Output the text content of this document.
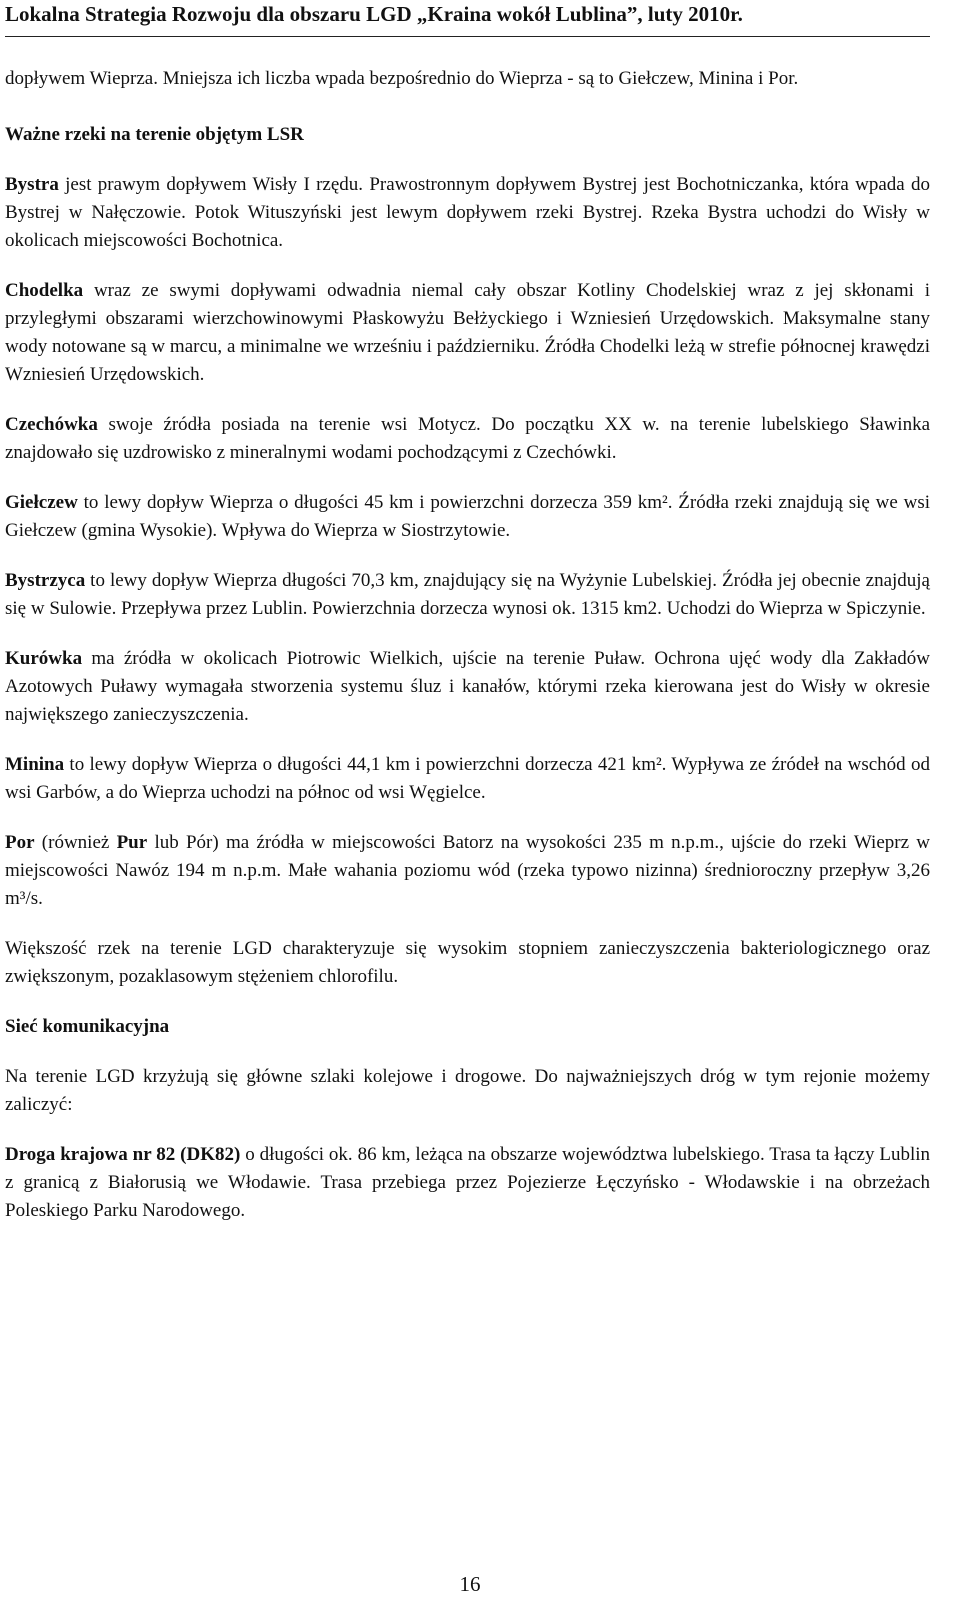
Lokalna Strategia Rozwoju dla obszaru LGD „Kraina wokół Lublina”, luty 2010r.

dopływem Wieprza. Mniejsza ich liczba wpada bezpośrednio do Wieprza - są to Giełczew, Minina i Por.

Ważne rzeki na terenie objętym LSR

Bystra jest prawym dopływem Wisły I rzędu. Prawostronnym dopływem Bystrej jest Bochotniczanka, która wpada do Bystrej w Nałęczowie. Potok Wituszyński jest lewym dopływem rzeki Bystrej. Rzeka Bystra uchodzi do Wisły w okolicach miejscowości Bochotnica.

Chodelka wraz ze swymi dopływami odwadnia niemal cały obszar Kotliny Chodelskiej wraz z jej skłonami i przyległymi obszarami wierzchowinowymi Płaskowyżu Bełżyckiego i Wzniesień Urzędowskich. Maksymalne stany wody notowane są w marcu, a minimalne we wrześniu i październiku. Źródła Chodelki leżą w strefie północnej krawędzi Wzniesień Urzędowskich.

Czechówka swoje źródła posiada na terenie wsi Motycz. Do początku XX w. na terenie lubelskiego Sławinka znajdowało się uzdrowisko z mineralnymi wodami pochodzącymi z Czechówki.

Giełczew to lewy dopływ Wieprza o długości 45 km i powierzchni dorzecza 359 km². Źródła rzeki znajdują się we wsi Giełczew (gmina Wysokie). Wpływa do Wieprza w Siostrzytowie.

Bystrzyca to lewy dopływ Wieprza długości 70,3 km, znajdujący się na Wyżynie Lubelskiej. Źródła jej obecnie znajdują się w Sulowie. Przepływa przez Lublin. Powierzchnia dorzecza wynosi ok. 1315 km2. Uchodzi do Wieprza w Spiczynie.

Kurówka ma źródła w okolicach Piotrowic Wielkich, ujście na terenie Puław. Ochrona ujęć wody dla Zakładów Azotowych Puławy wymagała stworzenia systemu śluz i kanałów, którymi rzeka kierowana jest do Wisły w okresie największego zanieczyszczenia.

Minina to lewy dopływ Wieprza o długości 44,1 km i powierzchni dorzecza 421 km². Wypływa ze źródeł na wschód od wsi Garbów, a do Wieprza uchodzi na północ od wsi Węgielce.

Por (również Pur lub Pór) ma źródła w miejscowości Batorz na wysokości 235 m n.p.m., ujście do rzeki Wieprz w miejscowości Nawóz 194 m n.p.m. Małe wahania poziomu wód (rzeka typowo nizinna) średnioroczny przepływ 3,26 m³/s.

Większość rzek na terenie LGD charakteryzuje się wysokim stopniem zanieczyszczenia bakteriologicznego oraz zwiększonym, pozaklasowym stężeniem chlorofilu.

Sieć komunikacyjna

Na terenie LGD krzyżują się główne szlaki kolejowe i drogowe. Do najważniejszych dróg w tym rejonie możemy zaliczyć:

Droga krajowa nr 82 (DK82) o długości ok. 86 km, leżąca na obszarze województwa lubelskiego. Trasa ta łączy Lublin z granicą z Białorusią we Włodawie. Trasa przebiega przez Pojezierze Łęczyńsko - Włodawskie i na obrzeżach Poleskiego Parku Narodowego.

16
